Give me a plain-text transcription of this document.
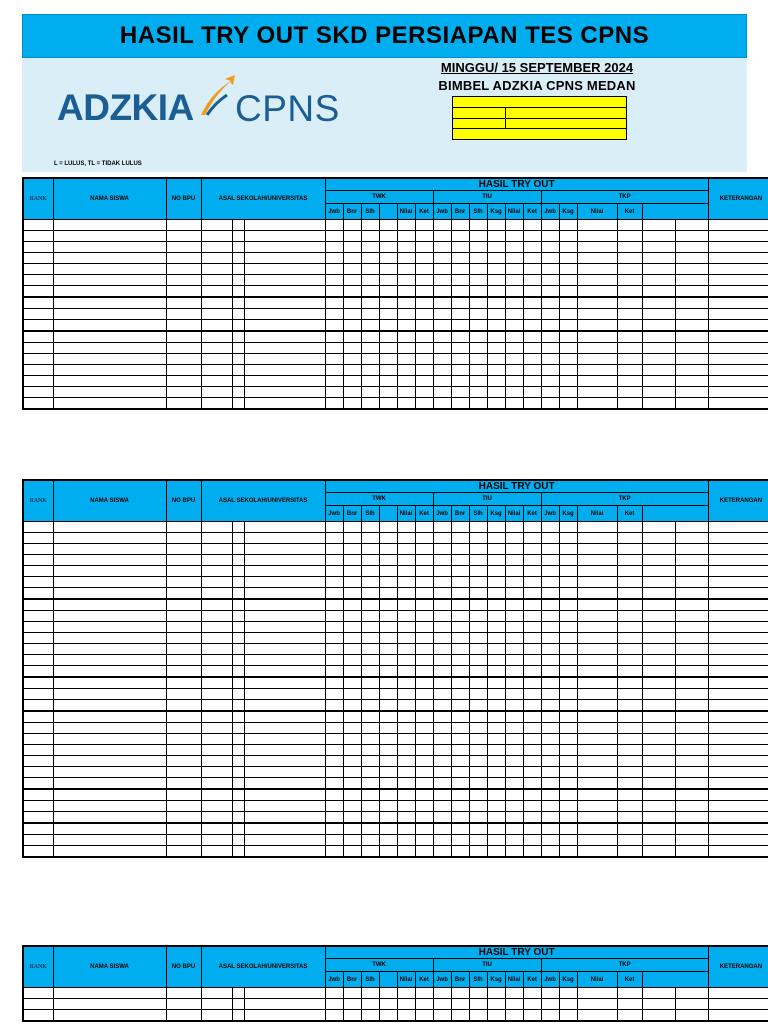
HASIL TRY OUT SKD PERSIAPAN TES CPNS
ADZKIA CPNS
MINGGU/ 15 SEPTEMBER 2024
BIMBEL ADZKIA CPNS MEDAN

L = LULUS, TL = TIDAK LULUS
RANK	NAMA SISWA	NO BPU	ASAL SEKOLAH/UNIVERSITAS			HASIL TRY OUT																		KETERANGAN
						TWK						TIU						TKP						
						Jwb	Bnr	Slh		Nilai	Ket	Jwb	Bnr	Slh	Ksg	Nilai	Ket	Jwb	Ksg	Nilai	Ket			

RANK	NAMA SISWA	NO BPU	ASAL SEKOLAH/UNIVERSITAS			HASIL TRY OUT																		KETERANGAN
						TWK						TIU						TKP						
						Jwb	Bnr	Slh		Nilai	Ket	Jwb	Bnr	Slh	Ksg	Nilai	Ket	Jwb	Ksg	Nilai	Ket			

RANK	NAMA SISWA	NO BPU	ASAL SEKOLAH/UNIVERSITAS			HASIL TRY OUT																		KETERANGAN
						TWK						TIU						TKP						
						Jwb	Bnr	Slh		Nilai	Ket	Jwb	Bnr	Slh	Ksg	Nilai	Ket	Jwb	Ksg	Nilai	Ket			
